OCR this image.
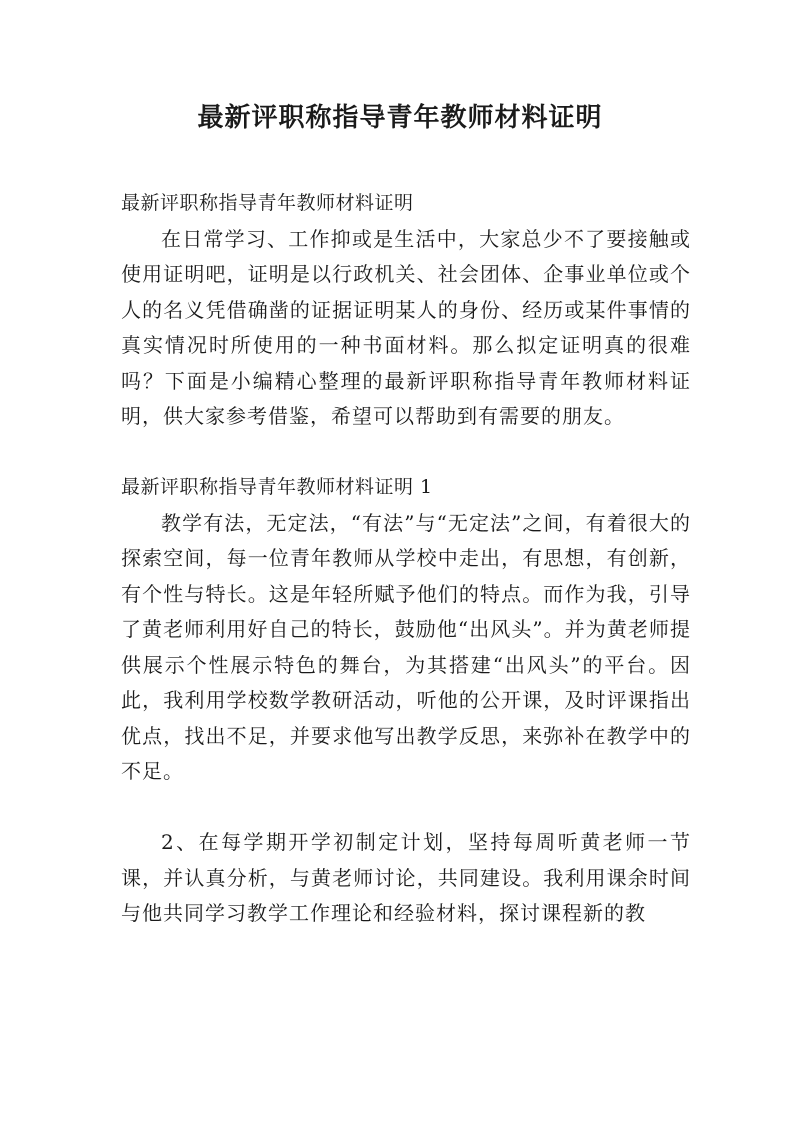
最新评职称指导青年教师材料证明

最新评职称指导青年教师材料证明

在日常学习、工作抑或是生活中，大家总少不了要接触或使用证明吧，证明是以行政机关、社会团体、企事业单位或个人的名义凭借确凿的证据证明某人的身份、经历或某件事情的真实情况时所使用的一种书面材料。那么拟定证明真的很难吗？下面是小编精心整理的最新评职称指导青年教师材料证明，供大家参考借鉴，希望可以帮助到有需要的朋友。

最新评职称指导青年教师材料证明 1

教学有法，无定法，“有法”与“无定法”之间，有着很大的探索空间，每一位青年教师从学校中走出，有思想，有创新，有个性与特长。这是年轻所赋予他们的特点。而作为我，引导了黄老师利用好自己的特长，鼓励他“出风头”。并为黄老师提供展示个性展示特色的舞台，为其搭建“出风头”的平台。因此，我利用学校数学教研活动，听他的公开课，及时评课指出优点，找出不足，并要求他写出教学反思，来弥补在教学中的不足。

2、在每学期开学初制定计划，坚持每周听黄老师一节课，并认真分析，与黄老师讨论，共同建设。我利用课余时间与他共同学习教学工作理论和经验材料，探讨课程新的教
